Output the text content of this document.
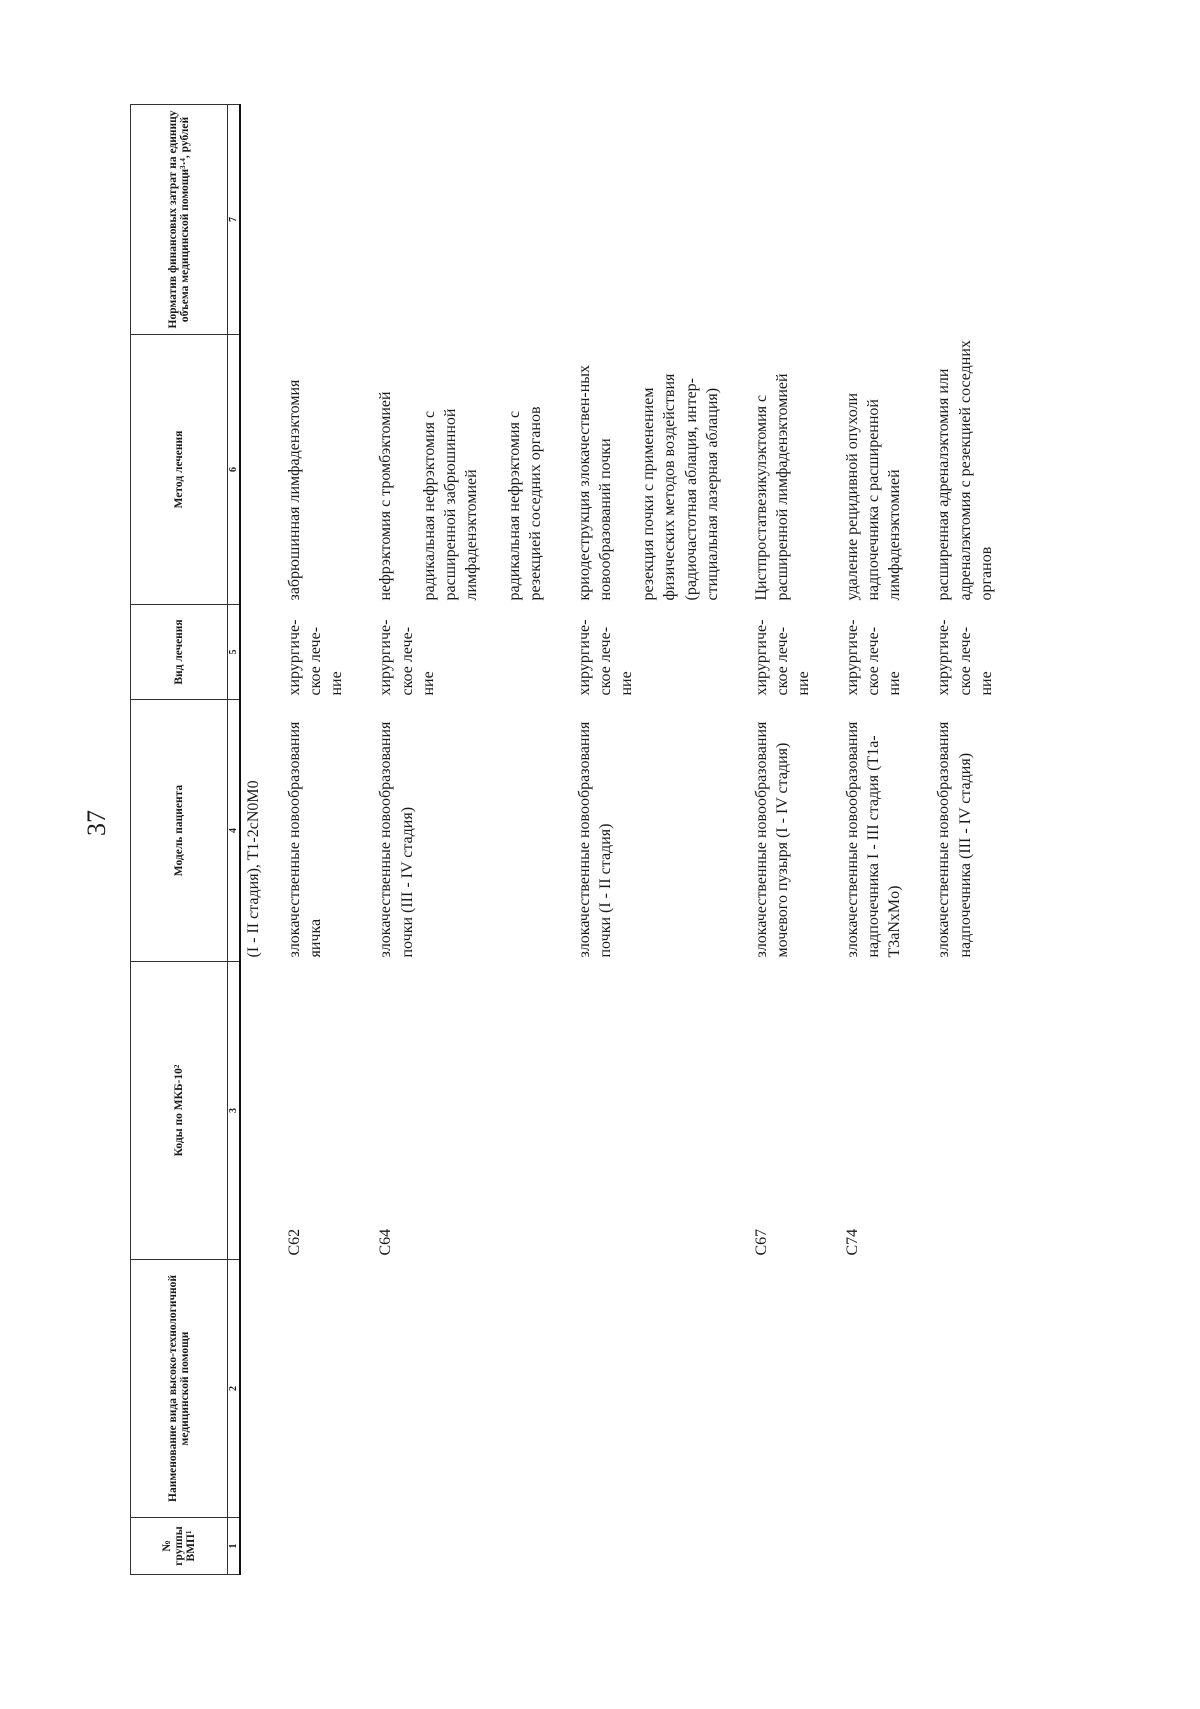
37
№ группы ВМП¹	Наименование вида высоко-технологичной медицинской помощи	Коды по МКБ-10²	Модель пациента	Вид лечения	Метод лечения	Норматив финансовых затрат на единицу объема медицинской помощи³·⁴, рублей
1	2	3	4	5	6	7
			(I - II стадия), T1-2cN0M0			
		C62	злокачественные новообразования яичка	хирургиче-ское лече-ние	забрюшинная лимфаденэктомия	

		C64	злокачественные новообразования почки (III - IV стадия)	хирургиче-ское лече-ние	нефрэктомия с тромбэктомией радикальная нефрэктомия с расширенной забрюшинной лимфаденэктомией радикальная нефрэктомия с резекцией соседних органов	

			злокачественные новообразования почки (I - II стадия)	хирургиче-ское лече-ние	криодеструкция злокачествен-ных новообразований почки резекция почки с применением физических методов воздействия (радиочастотная аблация, интер-стициальная лазерная аблация)	

		C67	злокачественные новообразования мочевого пузыря (I - IV стадия)	хирургиче-ское лече-ние	Цистпростатвезикулэктомия с расширенной лимфаденэктомией	

		C74	злокачественные новообразования надпочечника I - III стадия (T1a-T3aNxMo)	хирургиче-ское лече-ние	удаление рецидивной опухоли надпочечника с расширенной лимфаденэктомией	

			злокачественные новообразования надпочечника (III - IV стадия)	хирургиче-ское лече-ние	расширенная адреналэктомия или адреналэктомия с резекцией соседних органов	
